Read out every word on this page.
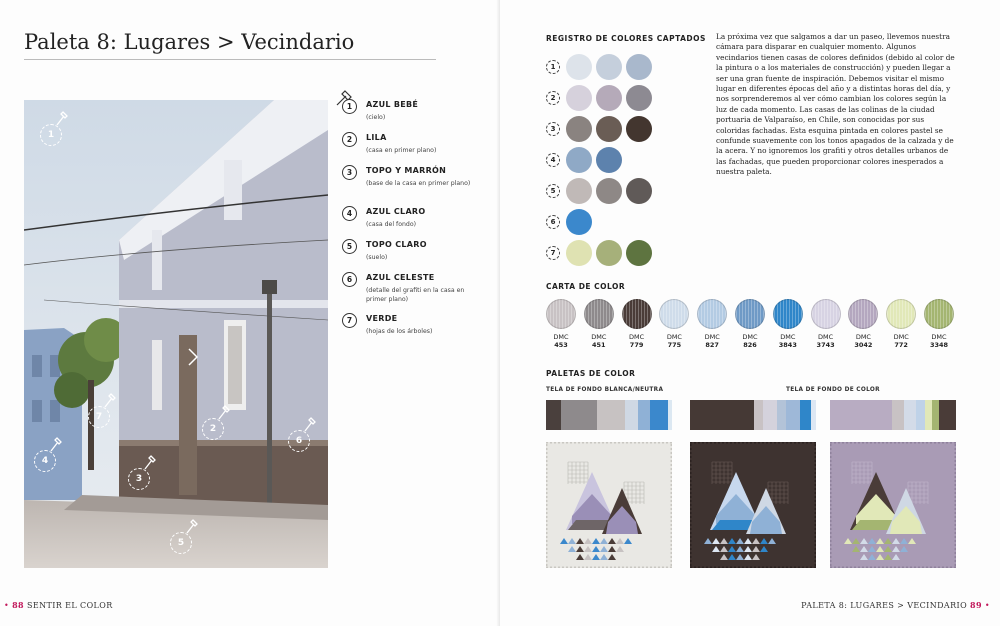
Paleta 8: Lugares > Vecindario
1
2
3
4
5
6
7
1	AZUL BEBÉ
(cielo)
2	LILA
(casa en primer plano)
3	TOPO Y MARRÓN
(base de la casa en primer plano)
4	AZUL CLARO
(casa del fondo)
5	TOPO CLARO
(suelo)
6	AZUL CELESTE
(detalle del grafiti en la casa en primer plano)
7	VERDE
(hojas de los árboles)
• 88 SENTIR EL COLOR	PALETA 8: LUGARES > VECINDARIO 89 •
REGISTRO DE COLORES CAPTADOS
1
2
3
4
5
6
7
La próxima vez que salgamos a dar un paseo, llevemos nuestra cámara para disparar en cualquier momento. Algunos vecindarios tienen casas de colores definidos (debido al color de la pintura o a los materiales de construcción) y pueden llegar a ser una gran fuente de inspiración. Debemos visitar el mismo lugar en diferentes épocas del año y a distintas horas del día, y nos sorprenderemos al ver cómo cambian los colores según la luz de cada momento. Las casas de las colinas de la ciudad portuaria de Valparaíso, en Chile, son conocidas por sus coloridas fachadas. Esta esquina pintada en colores pastel se confunde suavemente con los tonos apagados de la calzada y de la acera. Y no ignoremos los grafiti y otros detalles urbanos de las fachadas, que pueden proporcionar colores inesperados a nuestra paleta.
CARTA DE COLOR
DMC
453
DMC
451
DMC
779
DMC
775
DMC
827
DMC
826
DMC
3843
DMC
3743
DMC
3042
DMC
772
DMC
3348
PALETAS DE COLOR
TELA DE FONDO BLANCA/NEUTRA	TELA DE FONDO DE COLOR
